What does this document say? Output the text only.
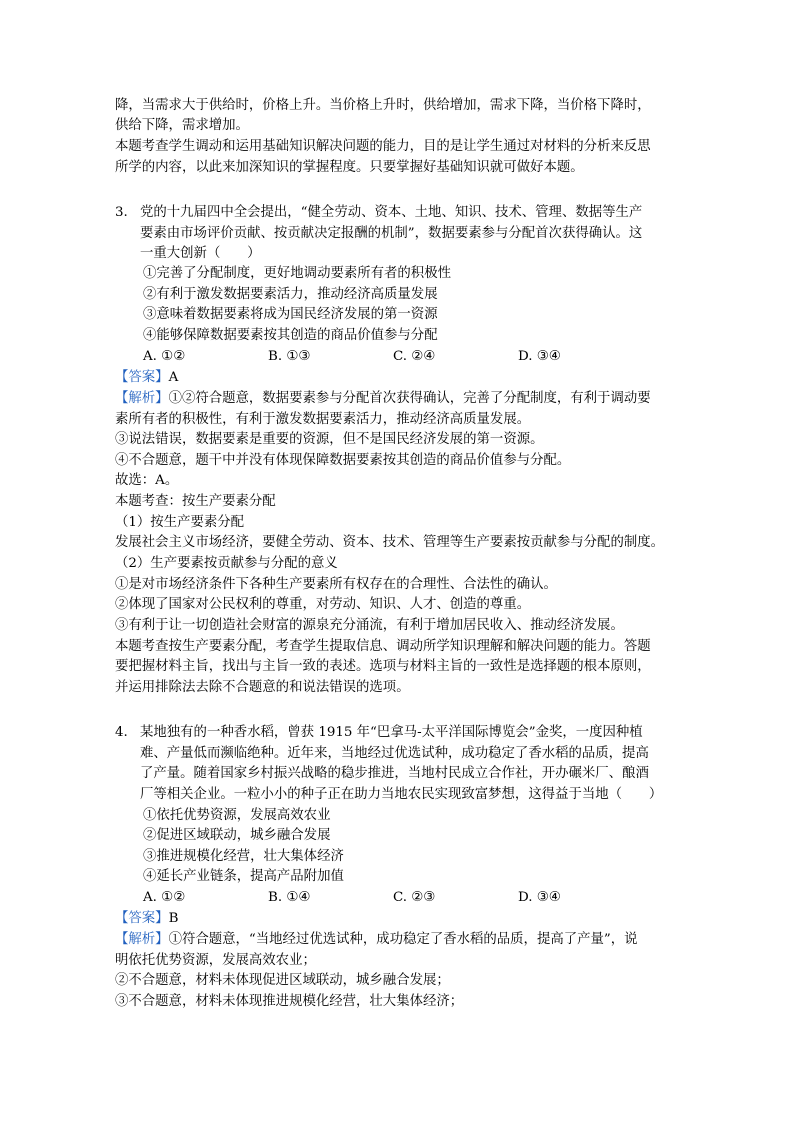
降，当需求大于供给时，价格上升。当价格上升时，供给增加，需求下降，当价格下降时，
供给下降，需求增加。
本题考查学生调动和运用基础知识解决问题的能力，目的是让学生通过对材料的分析来反思
所学的内容，以此来加深知识的掌握程度。只要掌握好基础知识就可做好本题。
3. 党的十九届四中全会提出，“健全劳动、资本、土地、知识、技术、管理、数据等生产
要素由市场评价贡献、按贡献决定报酬的机制”，数据要素参与分配首次获得确认。这
一重大创新（　　）
①完善了分配制度，更好地调动要素所有者的积极性
②有利于激发数据要素活力，推动经济高质量发展
③意味着数据要素将成为国民经济发展的第一资源
④能够保障数据要素按其创造的商品价值参与分配
A. ①②	B. ①③	C. ②④	D. ③④
【答案】A
【解析】①②符合题意，数据要素参与分配首次获得确认，完善了分配制度，有利于调动要
素所有者的积极性，有利于激发数据要素活力，推动经济高质量发展。
③说法错误，数据要素是重要的资源，但不是国民经济发展的第一资源。
④不合题意，题干中并没有体现保障数据要素按其创造的商品价值参与分配。
故选：A。
本题考查：按生产要素分配
（1）按生产要素分配
发展社会主义市场经济，要健全劳动、资本、技术、管理等生产要素按贡献参与分配的制度。
（2）生产要素按贡献参与分配的意义
①是对市场经济条件下各种生产要素所有权存在的合理性、合法性的确认。
②体现了国家对公民权利的尊重，对劳动、知识、人才、创造的尊重。
③有利于让一切创造社会财富的源泉充分涌流，有利于增加居民收入、推动经济发展。
本题考查按生产要素分配，考查学生提取信息、调动所学知识理解和解决问题的能力。答题
要把握材料主旨，找出与主旨一致的表述。选项与材料主旨的一致性是选择题的根本原则，
并运用排除法去除不合题意的和说法错误的选项。
4. 某地独有的一种香水稻，曾获 1915 年“巴拿马-太平洋国际博览会”金奖，一度因种植
难、产量低而濒临绝种。近年来，当地经过优选试种，成功稳定了香水稻的品质，提高
了产量。随着国家乡村振兴战略的稳步推进，当地村民成立合作社，开办碾米厂、酿酒
厂等相关企业。一粒小小的种子正在助力当地农民实现致富梦想，这得益于当地（　　）
①依托优势资源，发展高效农业
②促进区域联动，城乡融合发展
③推进规模化经营，壮大集体经济
④延长产业链条，提高产品附加值
A. ①②	B. ①④	C. ②③	D. ③④
【答案】B
【解析】①符合题意，“当地经过优选试种，成功稳定了香水稻的品质，提高了产量”，说
明依托优势资源，发展高效农业；
②不合题意，材料未体现促进区域联动，城乡融合发展；
③不合题意，材料未体现推进规模化经营，壮大集体经济；
